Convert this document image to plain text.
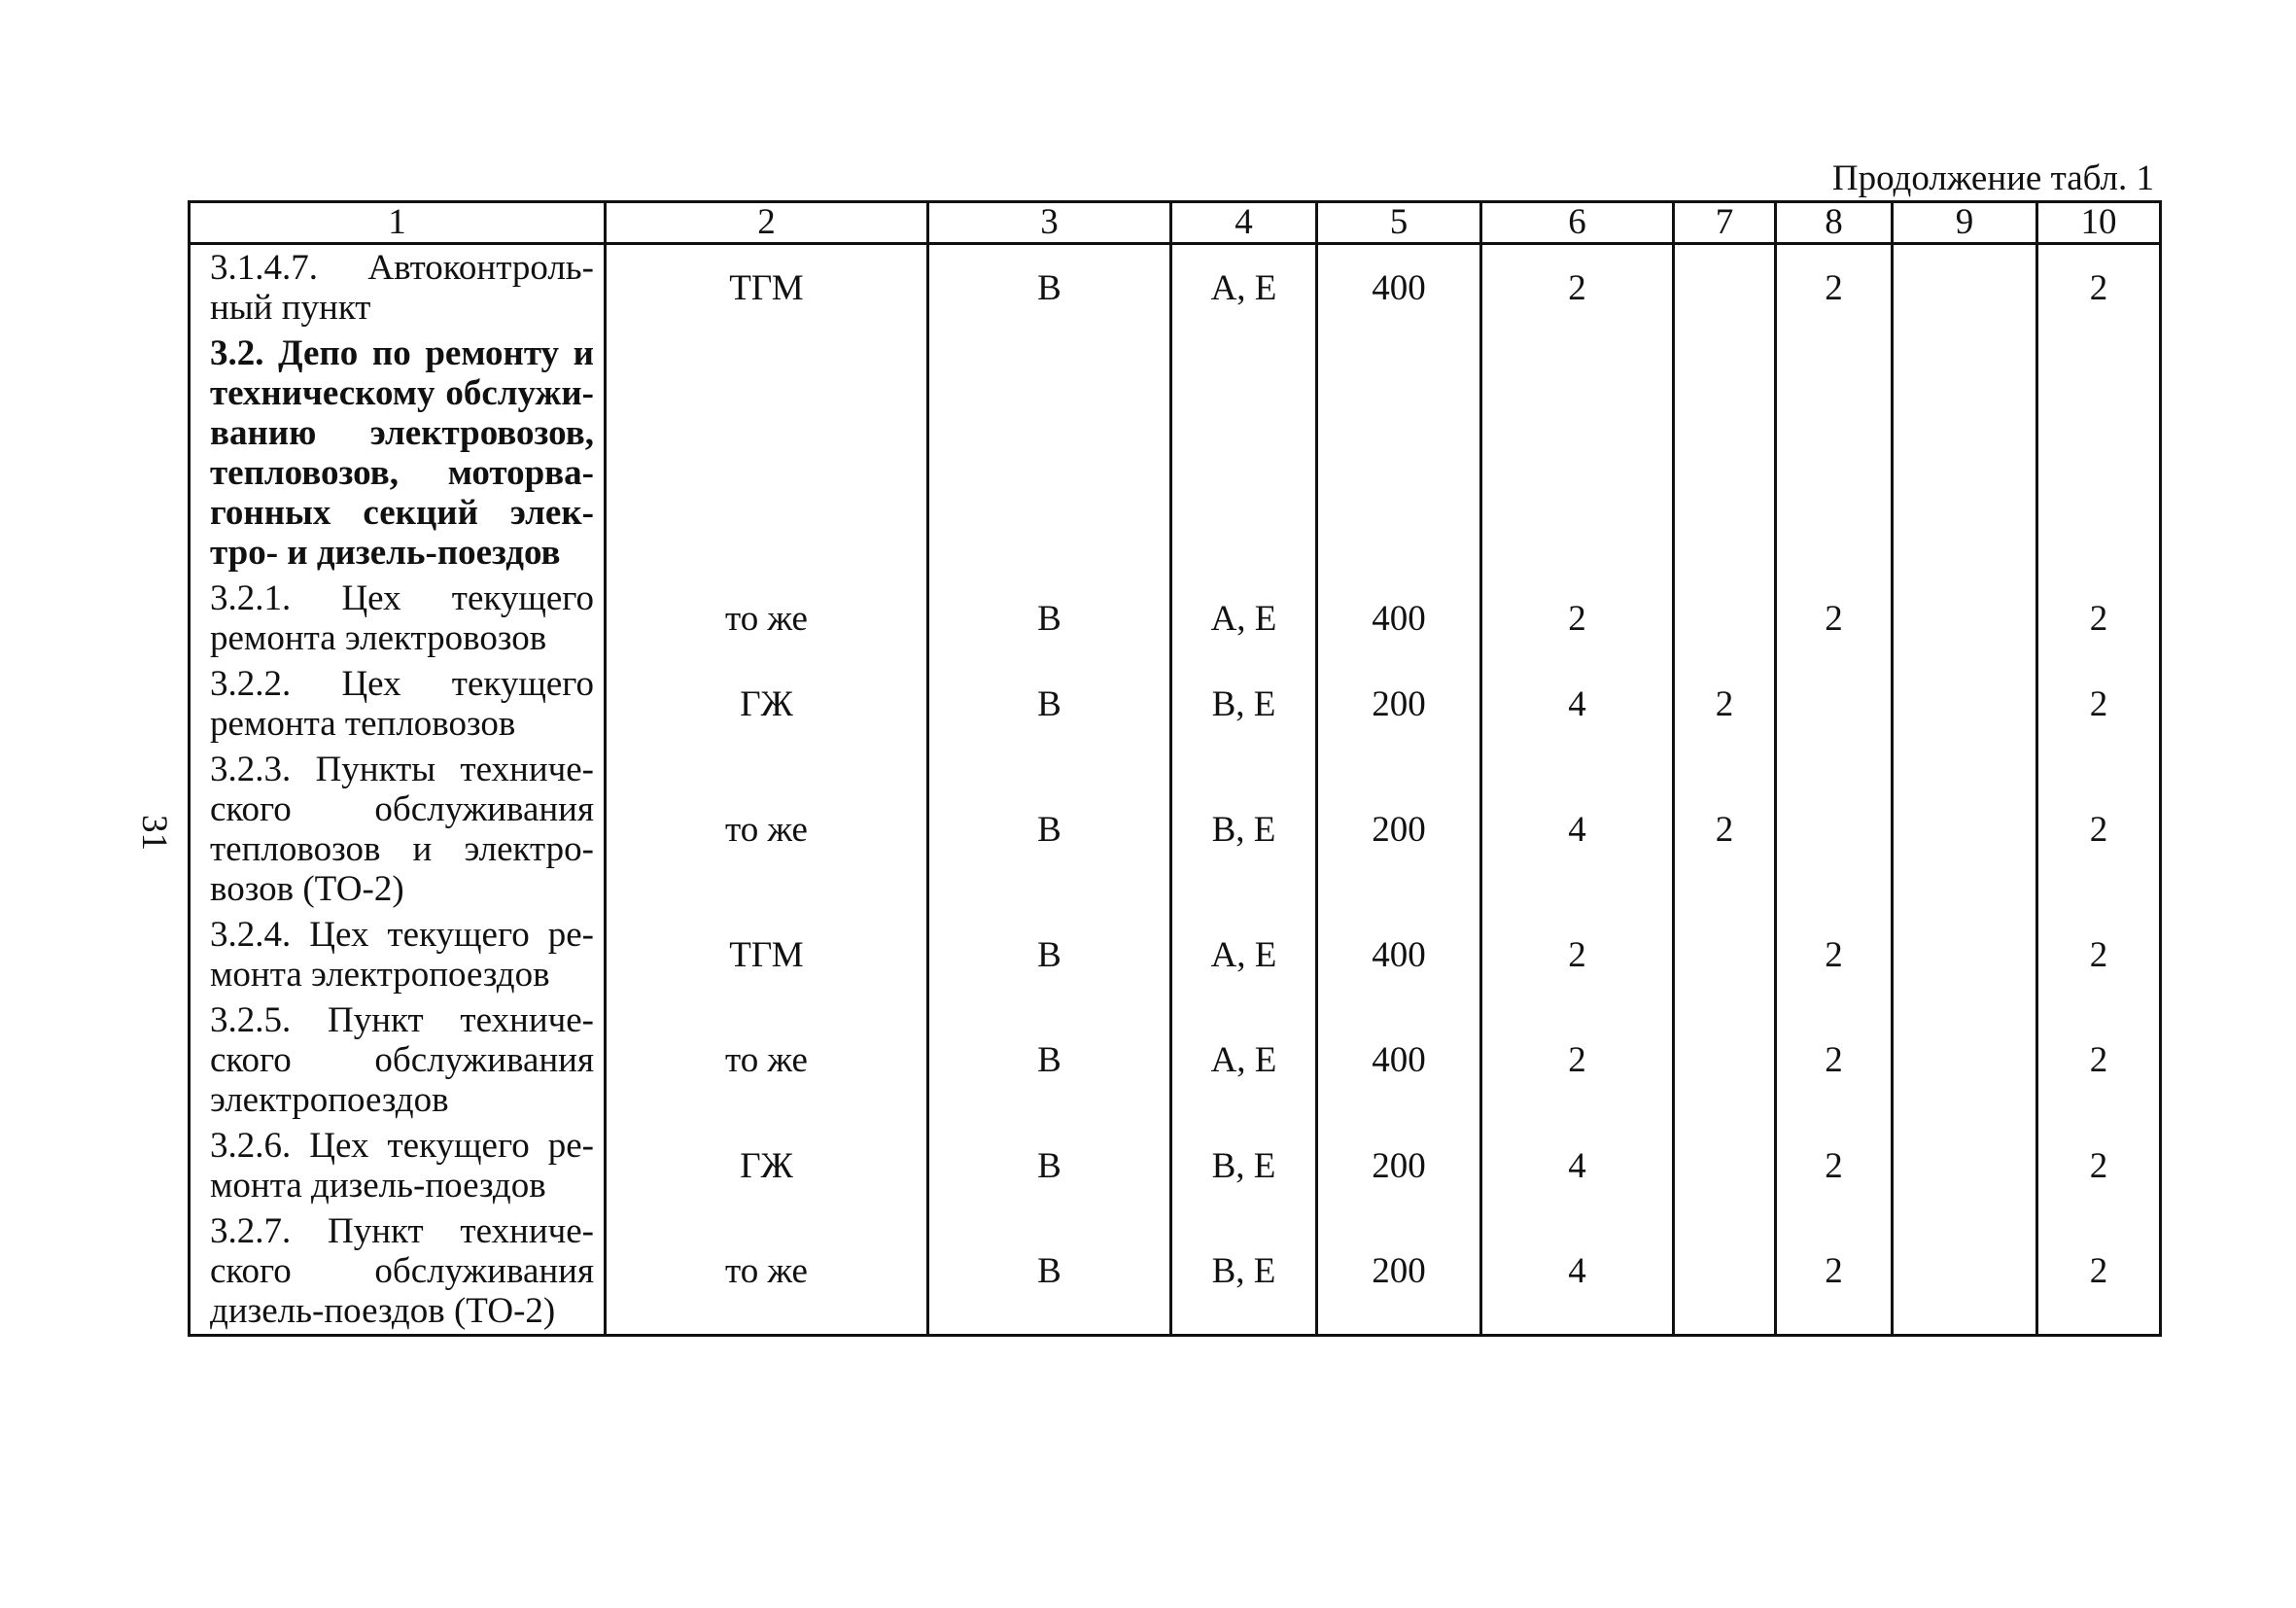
Продолжение табл. 1
31
1	2	3	4	5	6	7	8	9	10
3.1.4.7. Автоконтрольный пункт	ТГМ	В	А, Е	400	2		2		2
3.2. Депо по ремонту и техническому обслуживанию электровозов, тепловозов, моторвагонных секций электро- и дизель-поездов									
3.2.1. Цех текущего ремонта электровозов	то же	В	А, Е	400	2		2		2
3.2.2. Цех текущего ремонта тепловозов	ГЖ	В	В, Е	200	4	2			2
3.2.3. Пункты технического обслуживания тепловозов и электровозов (ТО-2)	то же	В	В, Е	200	4	2			2
3.2.4. Цех текущего ремонта электропоездов	ТГМ	В	А, Е	400	2		2		2
3.2.5. Пункт технического обслуживания электропоездов	то же	В	А, Е	400	2		2		2
3.2.6. Цех текущего ремонта дизель-поездов	ГЖ	В	В, Е	200	4		2		2
3.2.7. Пункт технического обслуживания дизель-поездов (ТО-2)	то же	В	В, Е	200	4		2		2
